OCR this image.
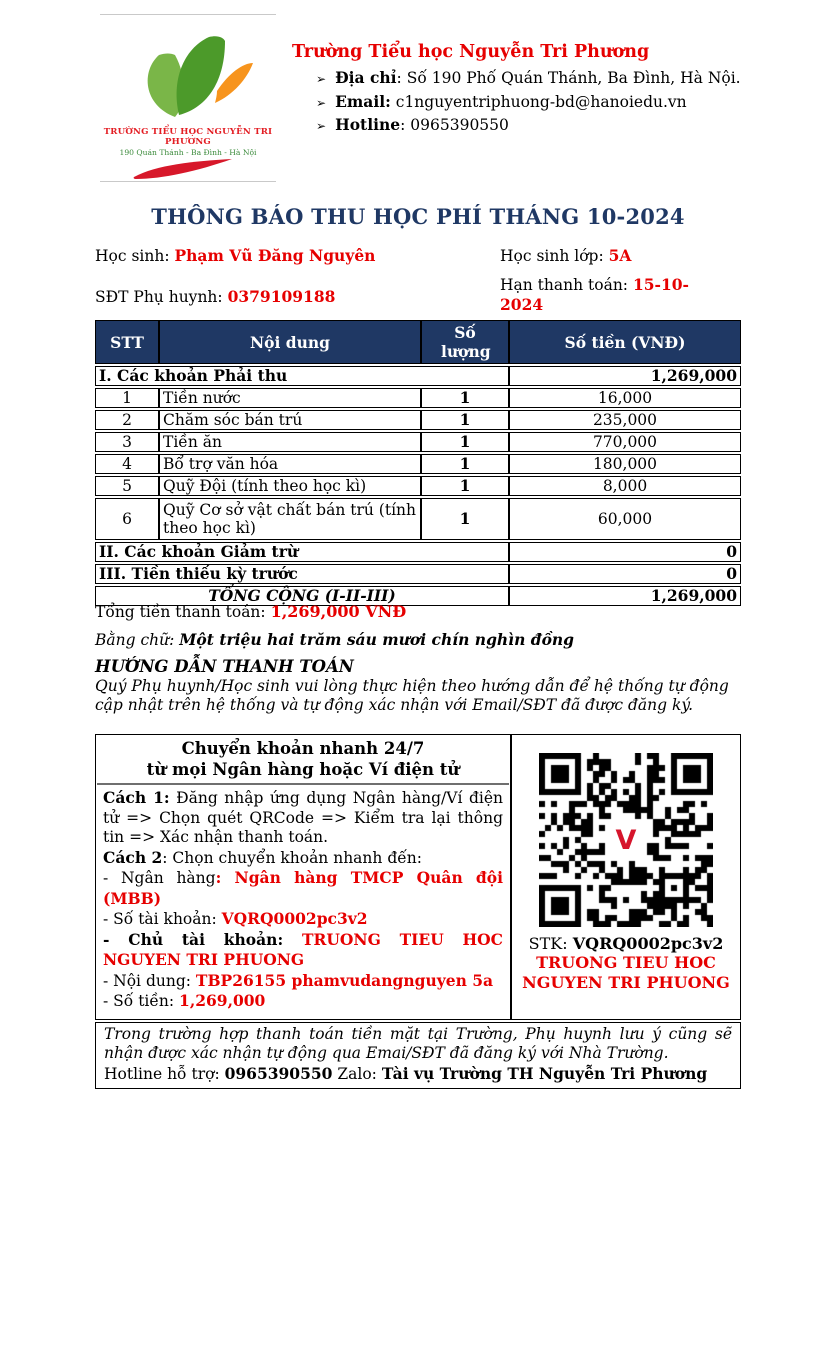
TRƯỜNG TIỂU HỌC NGUYỄN TRI PHƯƠNG
190 Quán Thánh - Ba Đình - Hà Nội
Trường Tiểu học Nguyễn Tri Phương
➢ Địa chỉ: Số 190 Phố Quán Thánh, Ba Đình, Hà Nội.
➢ Email: c1nguyentriphuong-bd@hanoiedu.vn
➢ Hotline: 0965390550
THÔNG BÁO THU HỌC PHÍ THÁNG 10-2024
Học sinh: Phạm Vũ Đăng Nguyên	Học sinh lớp: 5A
SĐT Phụ huynh: 0379109188
Hạn thanh toán: 15-10-2024
STT	Nội dung	Số lượng	Số tiền (VNĐ)
I. Các khoản Phải thu			1,269,000
1	Tiền nước	1	16,000
2	Chăm sóc bán trú	1	235,000
3	Tiền ăn	1	770,000
4	Bổ trợ văn hóa	1	180,000
5	Quỹ Đội (tính theo học kì)	1	8,000
6	Quỹ Cơ sở vật chất bán trú (tính theo học kì)	1	60,000
II. Các khoản Giảm trừ			0
III. Tiền thiếu kỳ trước			0
TỔNG CỘNG (I-II-III)			1,269,000
Tổng tiền thanh toán: 1,269,000 VNĐ
Bằng chữ: Một triệu hai trăm sáu mươi chín nghìn đồng
HƯỚNG DẪN THANH TOÁN
Quý Phụ huynh/Học sinh vui lòng thực hiện theo hướng dẫn để hệ thống tự động cập nhật trên hệ thống và tự động xác nhận với Email/SĐT đã được đăng ký.
Chuyển khoản nhanh 24/7
từ mọi Ngân hàng hoặc Ví điện tử

Cách 1: Đăng nhập ứng dụng Ngân hàng/Ví điện tử => Chọn quét QRCode => Kiểm tra lại thông tin => Xác nhận thanh toán.

Cách 2: Chọn chuyển khoản nhanh đến:

- Ngân hàng: Ngân hàng TMCP Quân đội (MBB)

- Số tài khoản: VQRQ0002pc3v2

- Chủ tài khoản: TRUONG TIEU HOC NGUYEN TRI PHUONG

- Nội dung: TBP26155 phamvudangnguyen 5a

- Số tiền: 1,269,000

V
STK: VQRQ0002pc3v2
TRUONG TIEU HOC NGUYEN TRI PHUONG

Trong trường hợp thanh toán tiền mặt tại Trường, Phụ huynh lưu ý cũng sẽ nhận được xác nhận tự động qua Emai/SĐT đã đăng ký với Nhà Trường.
Hotline hỗ trợ: 0965390550 Zalo: Tài vụ Trường TH Nguyễn Tri Phương
